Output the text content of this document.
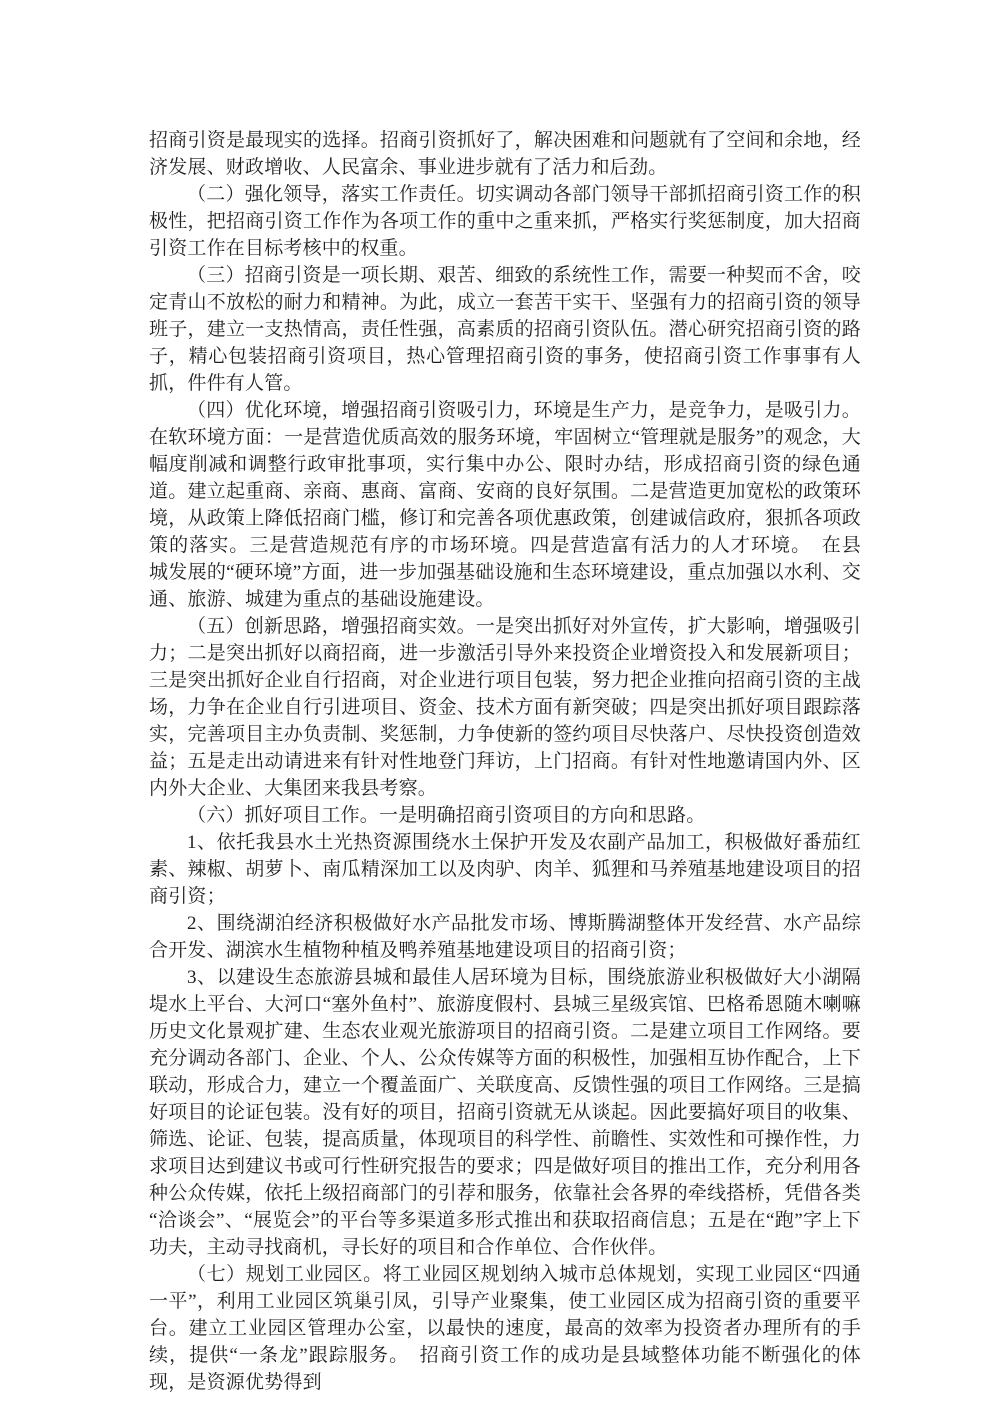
招商引资是最现实的选择。招商引资抓好了，解决困难和问题就有了空间和余地，经济发展、财政增收、人民富余、事业进步就有了活力和后劲。

（二）强化领导，落实工作责任。切实调动各部门领导干部抓招商引资工作的积极性，把招商引资工作作为各项工作的重中之重来抓，严格实行奖惩制度，加大招商引资工作在目标考核中的权重。

（三）招商引资是一项长期、艰苦、细致的系统性工作，需要一种契而不舍，咬定青山不放松的耐力和精神。为此，成立一套苦干实干、坚强有力的招商引资的领导班子，建立一支热情高，责任性强，高素质的招商引资队伍。潜心研究招商引资的路子，精心包装招商引资项目，热心管理招商引资的事务，使招商引资工作事事有人抓，件件有人管。

（四）优化环境，增强招商引资吸引力，环境是生产力，是竞争力，是吸引力。在软环境方面：一是营造优质高效的服务环境，牢固树立“管理就是服务”的观念，大幅度削减和调整行政审批事项，实行集中办公、限时办结，形成招商引资的绿色通道。建立起重商、亲商、惠商、富商、安商的良好氛围。二是营造更加宽松的政策环境，从政策上降低招商门槛，修订和完善各项优惠政策，创建诚信政府，狠抓各项政策的落实。三是营造规范有序的市场环境。四是营造富有活力的人才环境。　在县　　城发展的“硬环境”方面，进一步加强基础设施和生态环境建设，重点加强以水利、交通、旅游、城建为重点的基础设施建设。

（五）创新思路，增强招商实效。一是突出抓好对外宣传，扩大影响，增强吸引力；二是突出抓好以商招商，进一步激活引导外来投资企业增资投入和发展新项目；三是突出抓好企业自行招商，对企业进行项目包装，努力把企业推向招商引资的主战场，力争在企业自行引进项目、资金、技术方面有新突破；四是突出抓好项目跟踪落实，完善项目主办负责制、奖惩制，力争使新的签约项目尽快落户、尽快投资创造效益；五是走出动请进来有针对性地登门拜访，上门招商。有针对性地邀请国内外、区内外大企业、大集团来我县考察。

（六）抓好项目工作。一是明确招商引资项目的方向和思路。

1、依托我县水土光热资源围绕水土保护开发及农副产品加工，积极做好番茄红素、辣椒、胡萝卜、南瓜精深加工以及肉驴、肉羊、狐狸和马养殖基地建设项目的招商引资；

2、围绕湖泊经济积极做好水产品批发市场、博斯腾湖整体开发经营、水产品综合开发、湖滨水生植物种植及鸭养殖基地建设项目的招商引资；

3、以建设生态旅游县城和最佳人居环境为目标，围绕旅游业积极做好大小湖隔堤水上平台、大河口“塞外鱼村”、旅游度假村、县城三星级宾馆、巴格希恩随木喇嘛历史文化景观扩建、生态农业观光旅游项目的招商引资。二是建立项目工作网络。要充分调动各部门、企业、个人、公众传媒等方面的积极性，加强相互协作配合，上下联动，形成合力，建立一个覆盖面广、关联度高、反馈性强的项目工作网络。三是搞好项目的论证包装。没有好的项目，招商引资就无从谈起。因此要搞好项目的收集、筛选、论证、包装，提高质量，体现项目的科学性、前瞻性、实效性和可操作性，力求项目达到建议书或可行性研究报告的要求；四是做好项目的推出工作，充分利用各种公众传媒，依托上级招商部门的引荐和服务，依靠社会各界的牵线搭桥，凭借各类“洽谈会”、“展览会”的平台等多渠道多形式推出和获取招商信息；五是在“跑”字上下功夫，主动寻找商机，寻长好的项目和合作单位、合作伙伴。

（七）规划工业园区。将工业园区规划纳入城市总体规划，实现工业园区“四通一平”，利用工业园区筑巢引凤，引导产业聚集，使工业园区成为招商引资的重要平台。建立工业园区管理办公室，以最快的速度，最高的效率为投资者办理所有的手续，提供“一条龙”跟踪服务。　招商引资工作的成功是县域整体功能不断强化的体现，是资源优势得到
